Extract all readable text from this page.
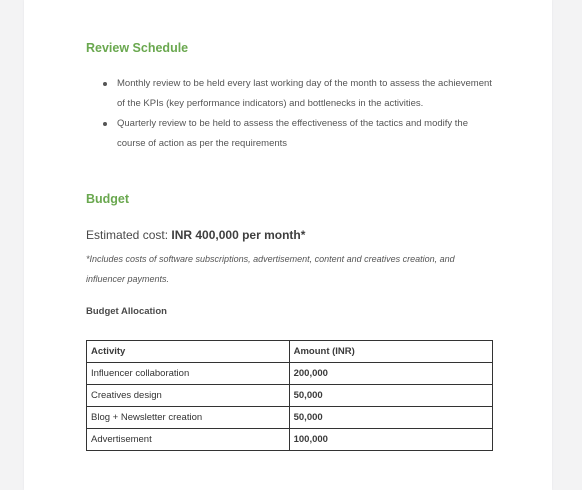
Review Schedule
Monthly review to be held every last working day of the month to assess the achievement of the KPIs (key performance indicators) and bottlenecks in the activities.
Quarterly review to be held to assess the effectiveness of the tactics and modify the course of action as per the requirements
Budget
Estimated cost: INR 400,000 per month*
*Includes costs of software subscriptions, advertisement, content and creatives creation, and influencer payments.
Budget Allocation
Activity	Amount (INR)
Influencer collaboration	200,000
Creatives design	50,000
Blog + Newsletter creation	50,000
Advertisement	100,000
